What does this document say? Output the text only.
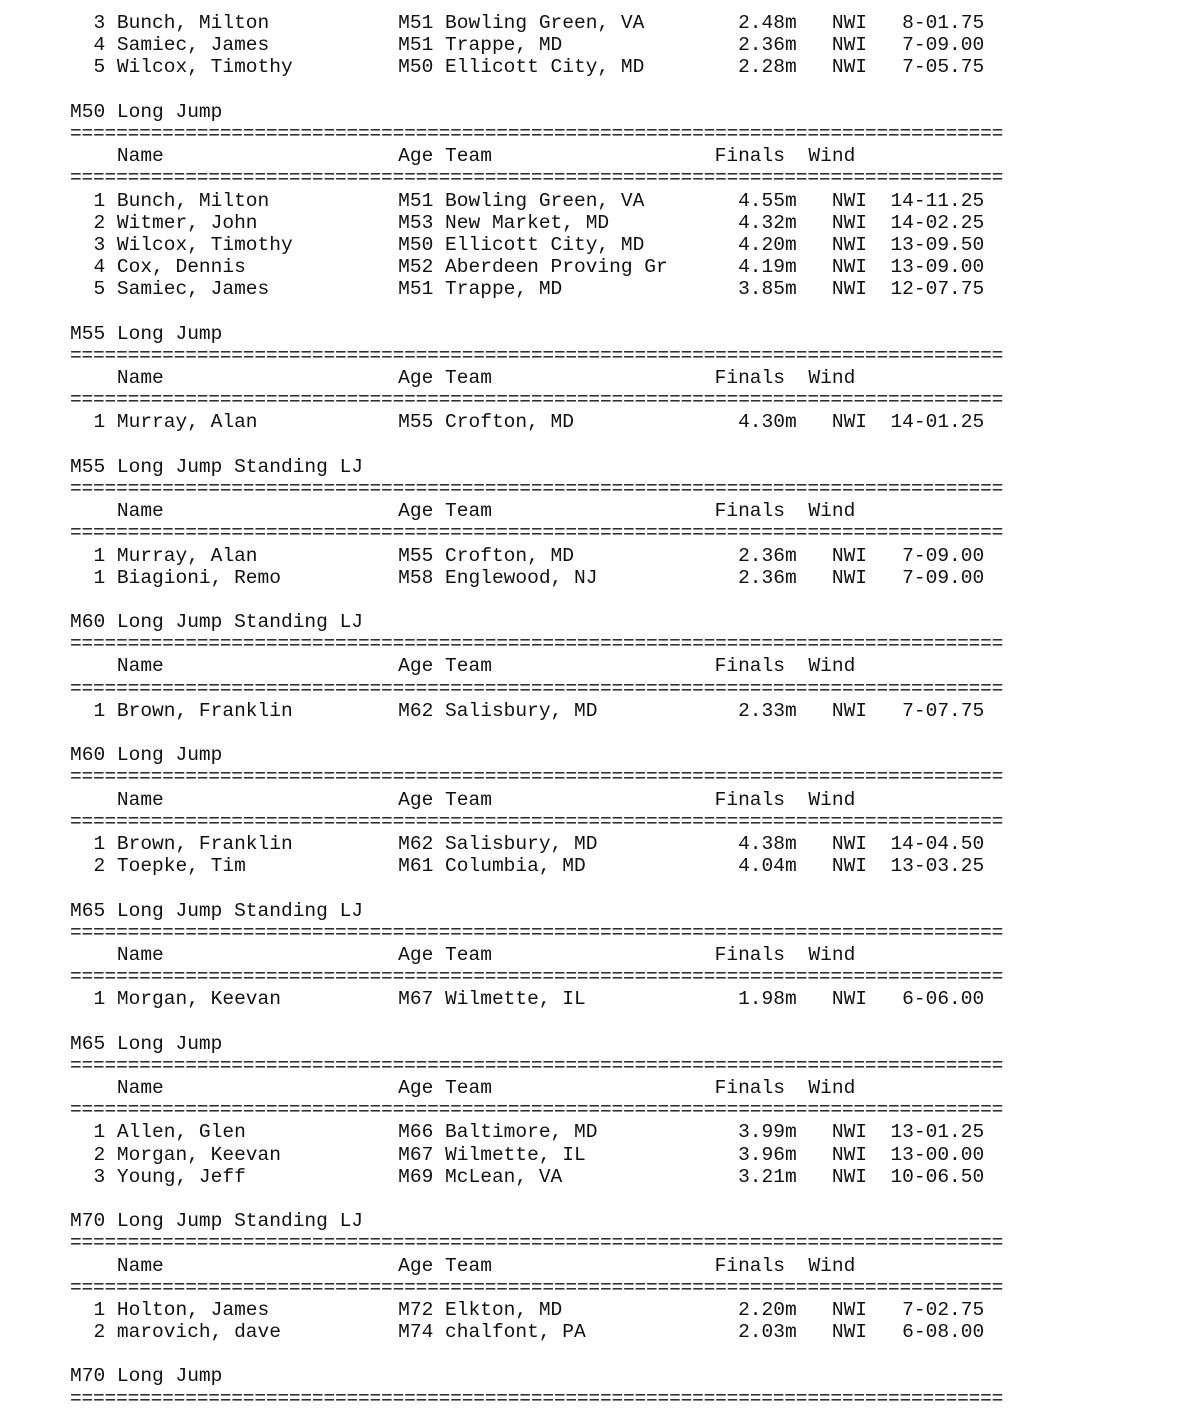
3 Bunch, Milton           M51 Bowling Green, VA        2.48m   NWI   8-01.75
4 Samiec, James           M51 Trappe, MD               2.36m   NWI   7-09.00
5 Wilcox, Timothy         M50 Ellicott City, MD        2.28m   NWI   7-05.75
M50 Long Jump
=================================================================================
Name                    Age Team                   Finals  Wind
=================================================================================
1 Bunch, Milton           M51 Bowling Green, VA        4.55m   NWI  14-11.25
2 Witmer, John            M53 New Market, MD           4.32m   NWI  14-02.25
3 Wilcox, Timothy         M50 Ellicott City, MD        4.20m   NWI  13-09.50
4 Cox, Dennis             M52 Aberdeen Proving Gr      4.19m   NWI  13-09.00
5 Samiec, James           M51 Trappe, MD               3.85m   NWI  12-07.75
M55 Long Jump
=================================================================================
Name                    Age Team                   Finals  Wind
=================================================================================
1 Murray, Alan            M55 Crofton, MD              4.30m   NWI  14-01.25
M55 Long Jump Standing LJ
=================================================================================
Name                    Age Team                   Finals  Wind
=================================================================================
1 Murray, Alan            M55 Crofton, MD              2.36m   NWI   7-09.00
1 Biagioni, Remo          M58 Englewood, NJ            2.36m   NWI   7-09.00
M60 Long Jump Standing LJ
=================================================================================
Name                    Age Team                   Finals  Wind
=================================================================================
1 Brown, Franklin         M62 Salisbury, MD            2.33m   NWI   7-07.75
M60 Long Jump
=================================================================================
Name                    Age Team                   Finals  Wind
=================================================================================
1 Brown, Franklin         M62 Salisbury, MD            4.38m   NWI  14-04.50
2 Toepke, Tim             M61 Columbia, MD             4.04m   NWI  13-03.25
M65 Long Jump Standing LJ
=================================================================================
Name                    Age Team                   Finals  Wind
=================================================================================
1 Morgan, Keevan          M67 Wilmette, IL             1.98m   NWI   6-06.00
M65 Long Jump
=================================================================================
Name                    Age Team                   Finals  Wind
=================================================================================
1 Allen, Glen             M66 Baltimore, MD            3.99m   NWI  13-01.25
2 Morgan, Keevan          M67 Wilmette, IL             3.96m   NWI  13-00.00
3 Young, Jeff             M69 McLean, VA               3.21m   NWI  10-06.50
M70 Long Jump Standing LJ
=================================================================================
Name                    Age Team                   Finals  Wind
=================================================================================
1 Holton, James           M72 Elkton, MD               2.20m   NWI   7-02.75
2 marovich, dave          M74 chalfont, PA             2.03m   NWI   6-08.00
M70 Long Jump
=================================================================================
